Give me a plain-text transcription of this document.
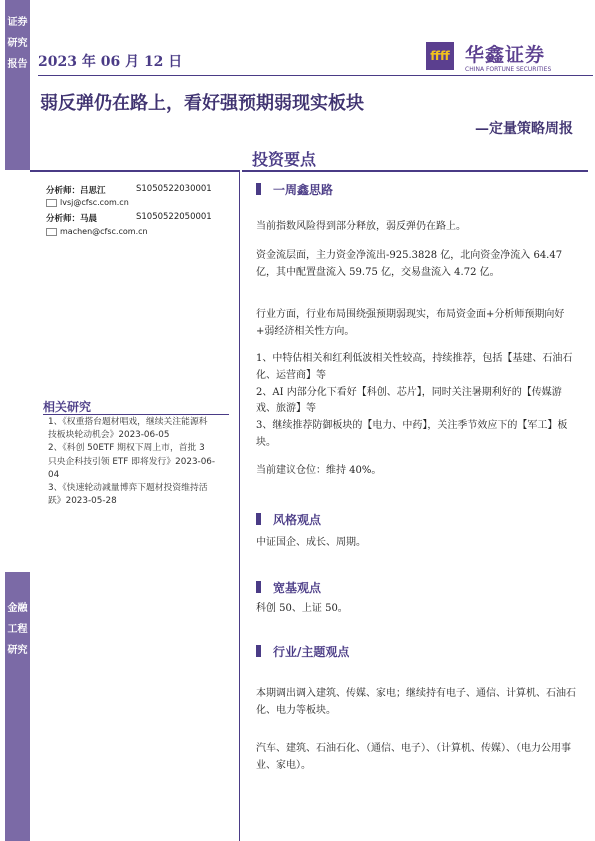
证券研究报告
金融工程研究
2023 年 06 月 12 日	ffff 华鑫证券
CHINA FORTUNE SECURITIES
弱反弹仍在路上，看好强预期弱现实板块
—定量策略周报
投资要点
分析师：吕思江	S1050522030001
lvsj@cfsc.com.cn
分析师：马晨	S1050522050001
machen@cfsc.com.cn
相关研究

1、《权重搭台题材唱戏，继续关注能源科技板块轮动机会》2023-06-05

2、《科创 50ETF 期权下周上市，首批 3 只央企科技引领 ETF 即将发行》2023-06-04

3、《快速轮动减量博弈下题材投资维持活跃》2023-05-28

一周鑫思路

当前指数风险得到部分释放，弱反弹仍在路上。

资金流层面，主力资金净流出-925.3828 亿，北向资金净流入 64.47 亿，其中配置盘流入 59.75 亿，交易盘流入 4.72 亿。

行业方面，行业布局围绕强预期弱现实，布局资金面+分析师预期向好+弱经济相关性方向。

1、中特估相关和红利低波相关性较高，持续推荐，包括【基建、石油石化、运营商】等

2、AI 内部分化下看好【科创、芯片】，同时关注暑期利好的【传媒游戏、旅游】等

3、继续推荐防御板块的【电力、中药】，关注季节效应下的【军工】板块。

当前建议仓位：维持 40%。

风格观点

中证国企、成长、周期。

宽基观点

科创 50、上证 50。

行业/主题观点

本期调出调入建筑、传媒、家电；继续持有电子、通信、计算机、石油石化、电力等板块。

汽车、建筑、石油石化、（通信、电子）、（计算机、传媒）、（电力公用事业、家电）。
